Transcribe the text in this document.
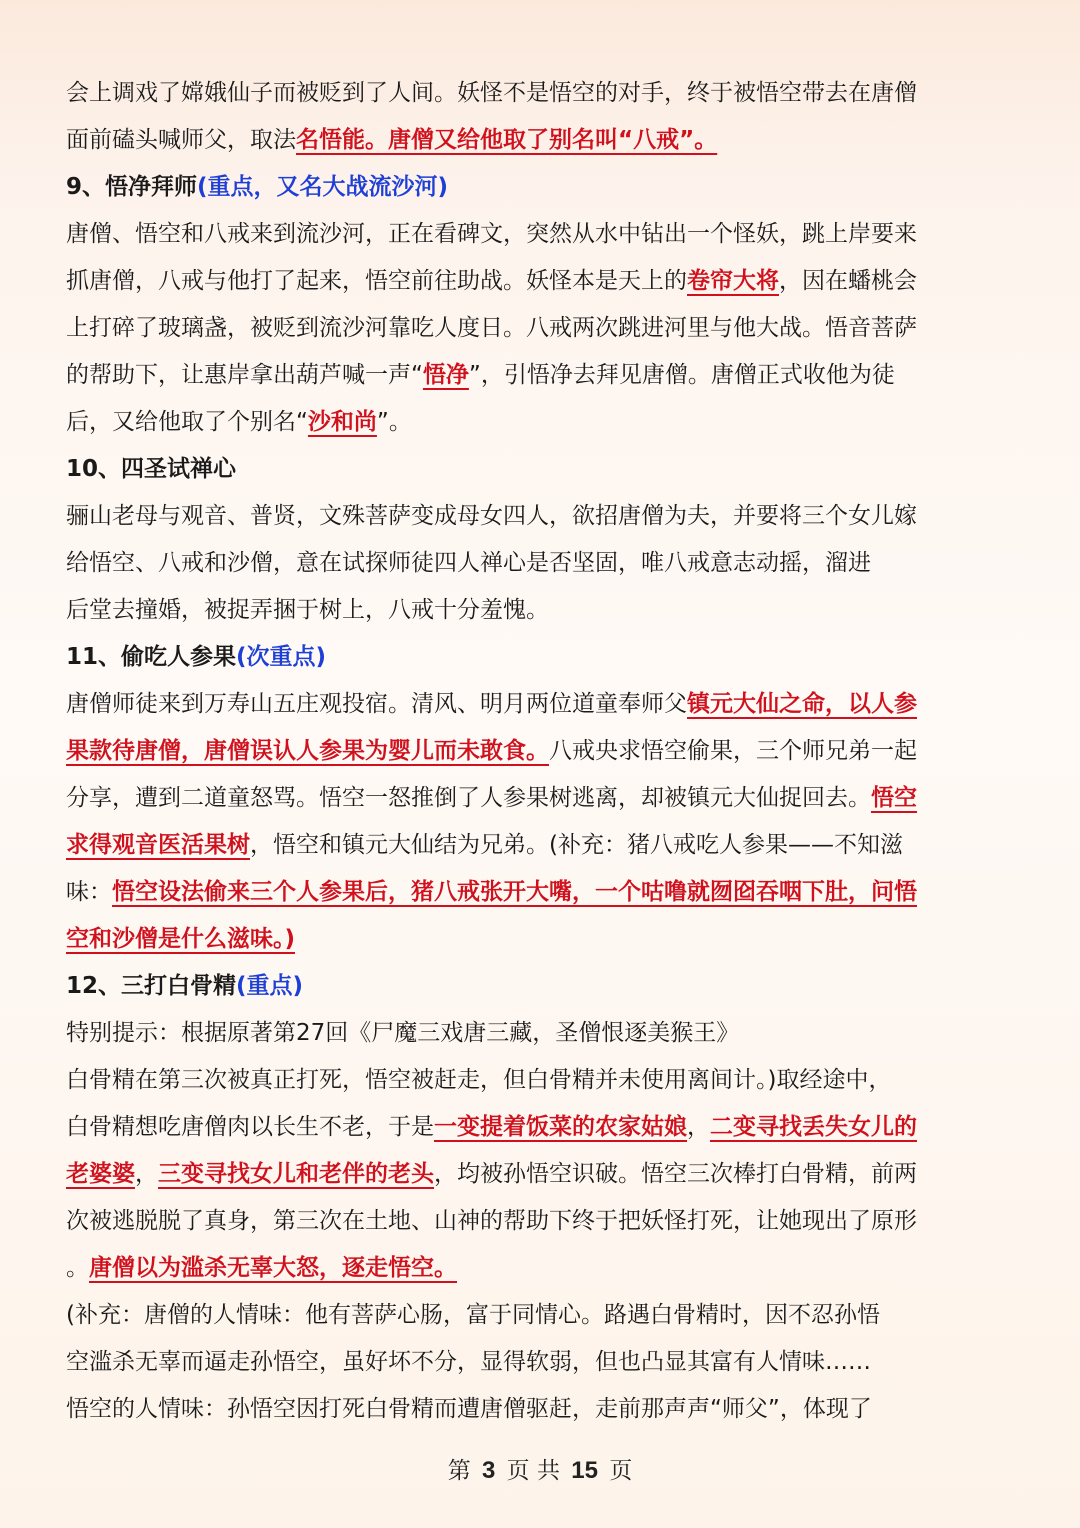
会上调戏了嫦娥仙子而被贬到了人间。妖怪不是悟空的对手，终于被悟空带去在唐僧
面前磕头喊师父，取法名悟能。唐僧又给他取了别名叫“八戒”。
9、悟净拜师(重点，又名大战流沙河)
唐僧、悟空和八戒来到流沙河，正在看碑文，突然从水中钻出一个怪妖，跳上岸要来
抓唐僧，八戒与他打了起来，悟空前往助战。妖怪本是天上的卷帘大将，因在蟠桃会
上打碎了玻璃盏，被贬到流沙河靠吃人度日。八戒两次跳进河里与他大战。悟音菩萨
的帮助下，让惠岸拿出葫芦喊一声“悟净”，引悟净去拜见唐僧。唐僧正式收他为徒
后，又给他取了个别名“沙和尚”。
10、四圣试禅心
骊山老母与观音、普贤，文殊菩萨变成母女四人，欲招唐僧为夫，并要将三个女儿嫁
给悟空、八戒和沙僧，意在试探师徒四人禅心是否坚固，唯八戒意志动摇，溜进
后堂去撞婚，被捉弄捆于树上，八戒十分羞愧。
11、偷吃人参果(次重点)
唐僧师徒来到万寿山五庄观投宿。清风、明月两位道童奉师父镇元大仙之命，以人参
果款待唐僧，唐僧误认人参果为婴儿而未敢食。八戒央求悟空偷果，三个师兄弟一起
分享，遭到二道童怒骂。悟空一怒推倒了人参果树逃离，却被镇元大仙捉回去。悟空
求得观音医活果树，悟空和镇元大仙结为兄弟。(补充：猪八戒吃人参果——不知滋
味：悟空设法偷来三个人参果后，猪八戒张开大嘴，一个咕噜就囫囵吞咽下肚，问悟
空和沙僧是什么滋味。)
12、三打白骨精(重点)
特别提示：根据原著第27回《尸魔三戏唐三藏，圣僧恨逐美猴王》
白骨精在第三次被真正打死，悟空被赶走，但白骨精并未使用离间计。)取经途中，
白骨精想吃唐僧肉以长生不老，于是一变提着饭菜的农家姑娘，二变寻找丢失女儿的
老婆婆，三变寻找女儿和老伴的老头，均被孙悟空识破。悟空三次棒打白骨精，前两
次被逃脱脱了真身，第三次在土地、山神的帮助下终于把妖怪打死，让她现出了原形
。唐僧以为滥杀无辜大怒，逐走悟空。
(补充：唐僧的人情味：他有菩萨心肠，富于同情心。路遇白骨精时，因不忍孙悟
空滥杀无辜而逼走孙悟空，虽好坏不分，显得软弱，但也凸显其富有人情味……
悟空的人情味：孙悟空因打死白骨精而遭唐僧驱赶，走前那声声“师父”，体现了
第 3 页 共 15 页
